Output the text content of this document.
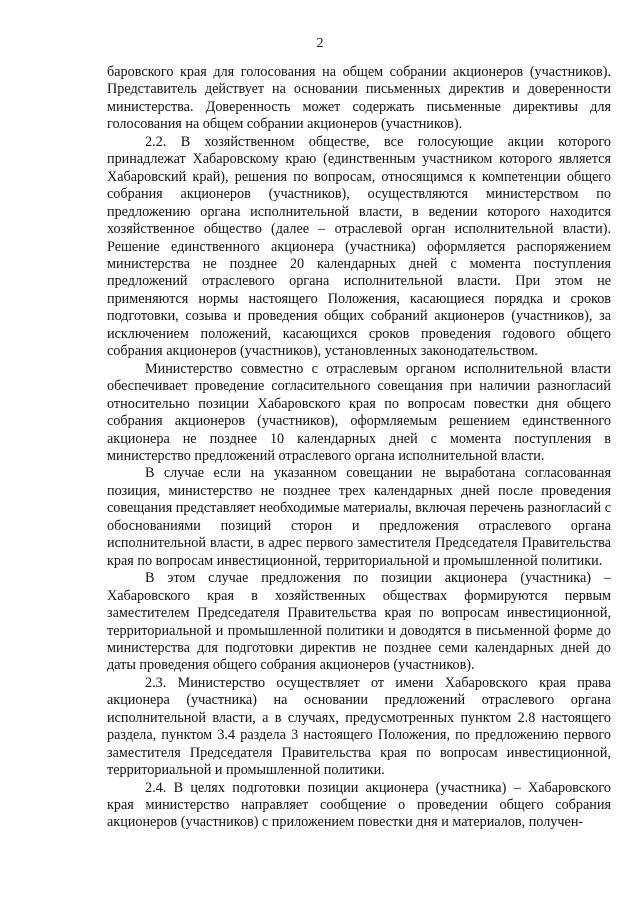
2

баровского края для голосования на общем собрании акционеров (участников). Представитель действует на основании письменных директив и доверенности министерства. Доверенность может содержать письменные директивы для голосования на общем собрании акционеров (участников).

2.2. В хозяйственном обществе, все голосующие акции которого принадлежат Хабаровскому краю (единственным участником которого является Хабаровский край), решения по вопросам, относящимся к компетенции общего собрания акционеров (участников), осуществляются министерством по предложению органа исполнительной власти, в ведении которого находится хозяйственное общество (далее – отраслевой орган исполнительной власти). Решение единственного акционера (участника) оформляется распоряжением министерства не позднее 20 календарных дней с момента поступления предложений отраслевого органа исполнительной власти. При этом не применяются нормы настоящего Положения, касающиеся порядка и сроков подготовки, созыва и проведения общих собраний акционеров (участников), за исключением положений, касающихся сроков проведения годового общего собрания акционеров (участников), установленных законодательством.

Министерство совместно с отраслевым органом исполнительной власти обеспечивает проведение согласительного совещания при наличии разногласий относительно позиции Хабаровского края по вопросам повестки дня общего собрания акционеров (участников), оформляемым решением единственного акционера не позднее 10 календарных дней с момента поступления в министерство предложений отраслевого органа исполнительной власти.

В случае если на указанном совещании не выработана согласованная позиция, министерство не позднее трех календарных дней после проведения совещания представляет необходимые материалы, включая перечень разногласий с обоснованиями позиций сторон и предложения отраслевого органа исполнительной власти, в адрес первого заместителя Председателя Правительства края по вопросам инвестиционной, территориальной и промышленной политики.

В этом случае предложения по позиции акционера (участника) – Хабаровского края в хозяйственных обществах формируются первым заместителем Председателя Правительства края по вопросам инвестиционной, территориальной и промышленной политики и доводятся в письменной форме до министерства для подготовки директив не позднее семи календарных дней до даты проведения общего собрания акционеров (участников).

2.3. Министерство осуществляет от имени Хабаровского края права акционера (участника) на основании предложений отраслевого органа исполнительной власти, а в случаях, предусмотренных пунктом 2.8 настоящего раздела, пунктом 3.4 раздела 3 настоящего Положения, по предложению первого заместителя Председателя Правительства края по вопросам инвестиционной, территориальной и промышленной политики.

2.4. В целях подготовки позиции акционера (участника) – Хабаровского края министерство направляет сообщение о проведении общего собрания акционеров (участников) с приложением повестки дня и материалов, получен-
